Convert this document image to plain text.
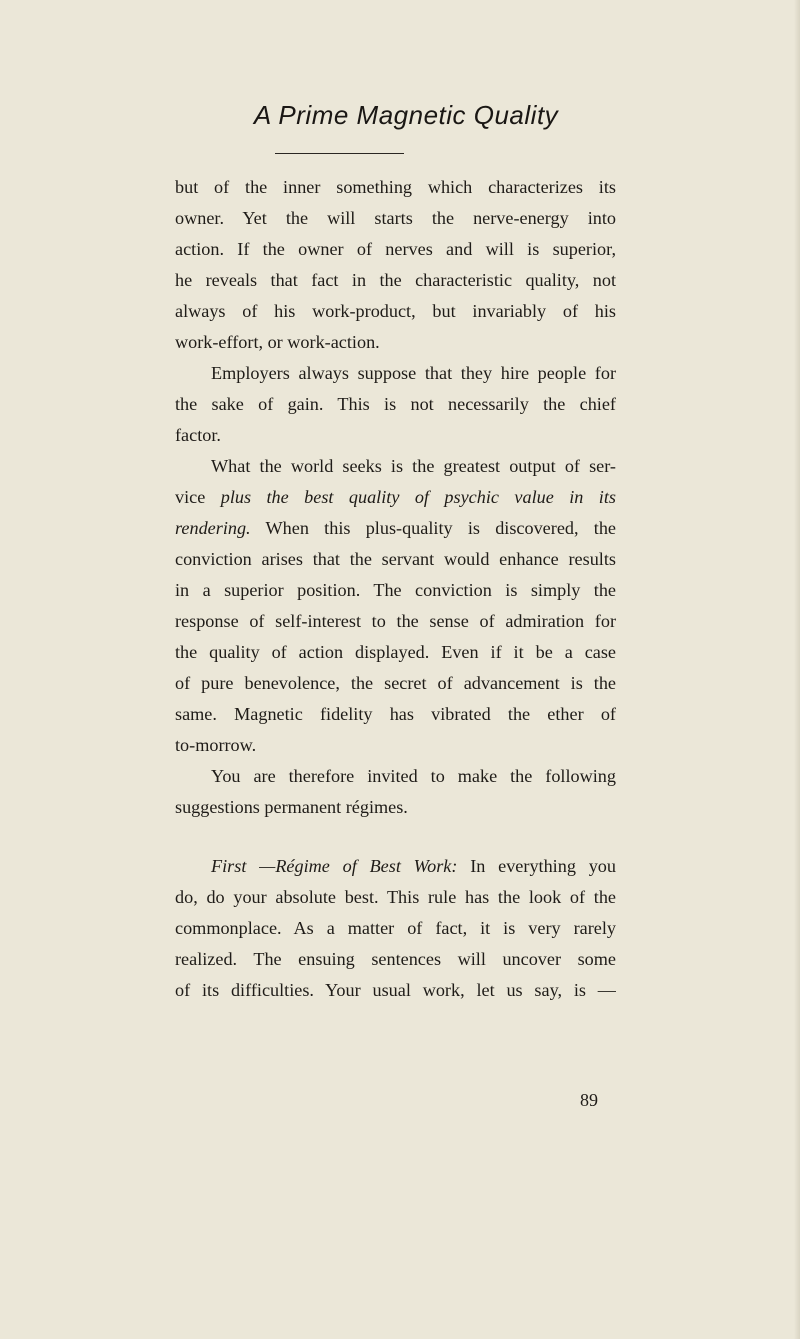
A Prime Magnetic Quality

but of the inner something which characterizes its
owner. Yet the will starts the nerve-energy into
action. If the owner of nerves and will is superior,
he reveals that fact in the characteristic quality, not
always of his work-product, but invariably of his
work-effort, or work-action.

Employers always suppose that they hire people for
the sake of gain. This is not necessarily the chief
factor.

What the world seeks is the greatest output of ser-
vice plus the best quality of psychic value in its
rendering. When this plus-quality is discovered, the
conviction arises that the servant would enhance results
in a superior position. The conviction is simply the
response of self-interest to the sense of admiration for
the quality of action displayed. Even if it be a case
of pure benevolence, the secret of advancement is the
same. Magnetic fidelity has vibrated the ether of
to-morrow.

You are therefore invited to make the following
suggestions permanent régimes.

First —Régime of Best Work: In everything you
do, do your absolute best. This rule has the look of the
commonplace. As a matter of fact, it is very rarely
realized. The ensuing sentences will uncover some
of its difficulties. Your usual work, let us say, is —

89
